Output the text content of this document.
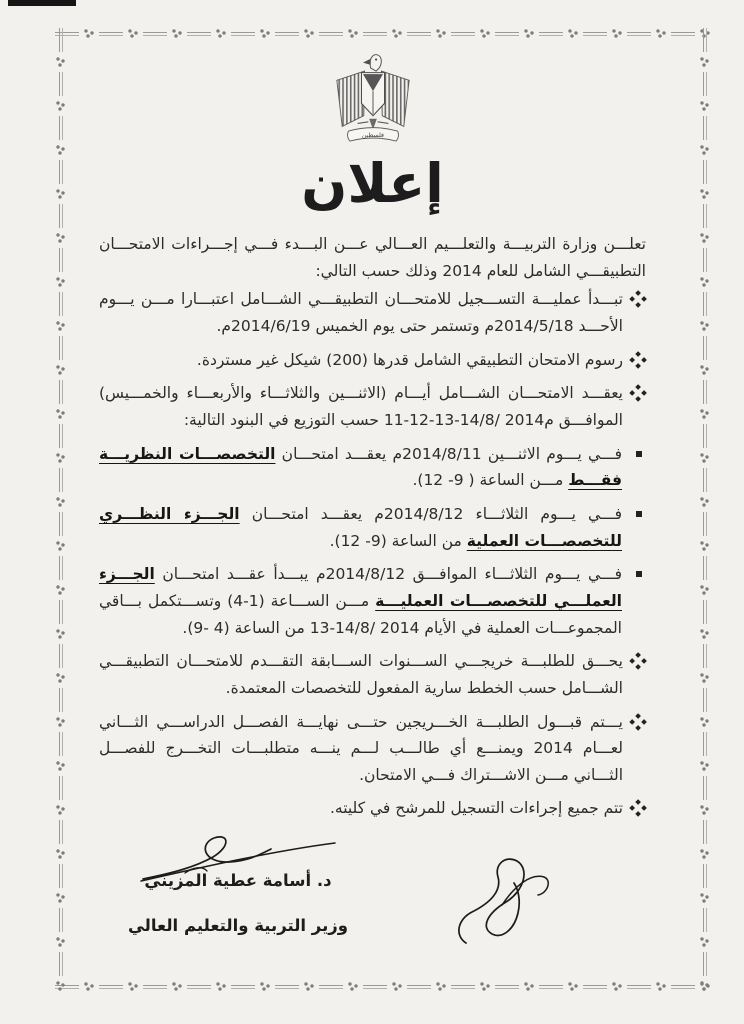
فلسطين
إعلان

تعلـــن وزارة التربيـــة والتعلـــيم العـــالي عـــن البـــدء فـــي إجـــراءات الامتحـــان التطبيقـــي الشامل للعام 2014 وذلك حسب التالي:

تبـــدأ عمليـــة التســـجيل للامتحـــان التطبيقـــي الشـــامل اعتبـــارا مـــن يـــوم الأحـــد 2014/5/18م وتستمر حتى يوم الخميس 2014/6/19م.

رسوم الامتحان التطبيقي الشامل قدرها (200) شيكل غير مستردة.

يعقـــد الامتحـــان الشـــامل أيـــام (الاثنـــين والثلاثـــاء والأربعـــاء والخمـــيس) الموافـــق 11-12-13-14/8/ 2014م حسب التوزيع في البنود التالية:

فـــي يـــوم الاثنـــين 2014/8/11م يعقـــد امتحـــان التخصصـــات النظريـــة فقـــط مـــن الساعة ( 9- 12).

فـــي يـــوم الثلاثـــاء 2014/8/12م يعقـــد امتحـــان الجـــزء النظـــري للتخصصـــات العملية من الساعة (9- 12).

فـــي يـــوم الثلاثـــاء الموافـــق 2014/8/12م يبـــدأ عقـــد امتحـــان الجـــزء العملـــي للتخصصـــات العمليـــة مـــن الســـاعة (4-1) وتســـتكمل بـــاقي المجموعـــات العملية في الأيام 13-14/8/ 2014 من الساعة (9- 4).

يحـــق للطلبـــة خريجـــي الســـنوات الســـابقة التقـــدم للامتحـــان التطبيقـــي الشـــامل حسب الخطط سارية المفعول للتخصصات المعتمدة.

يـــتم قبـــول الطلبـــة الخـــريجين حتـــى نهايـــة الفصـــل الدراســـي الثـــاني لعـــام 2014 ويمنـــع أي طالـــب لـــم ينـــه متطلبـــات التخـــرج للفصـــل الثـــاني مـــن الاشـــتراك فـــي الامتحان.

تتم جميع إجراءات التسجيل للمرشح في كليته.

د. أسامة عطية المزيني

وزير التربية والتعليم العالي
